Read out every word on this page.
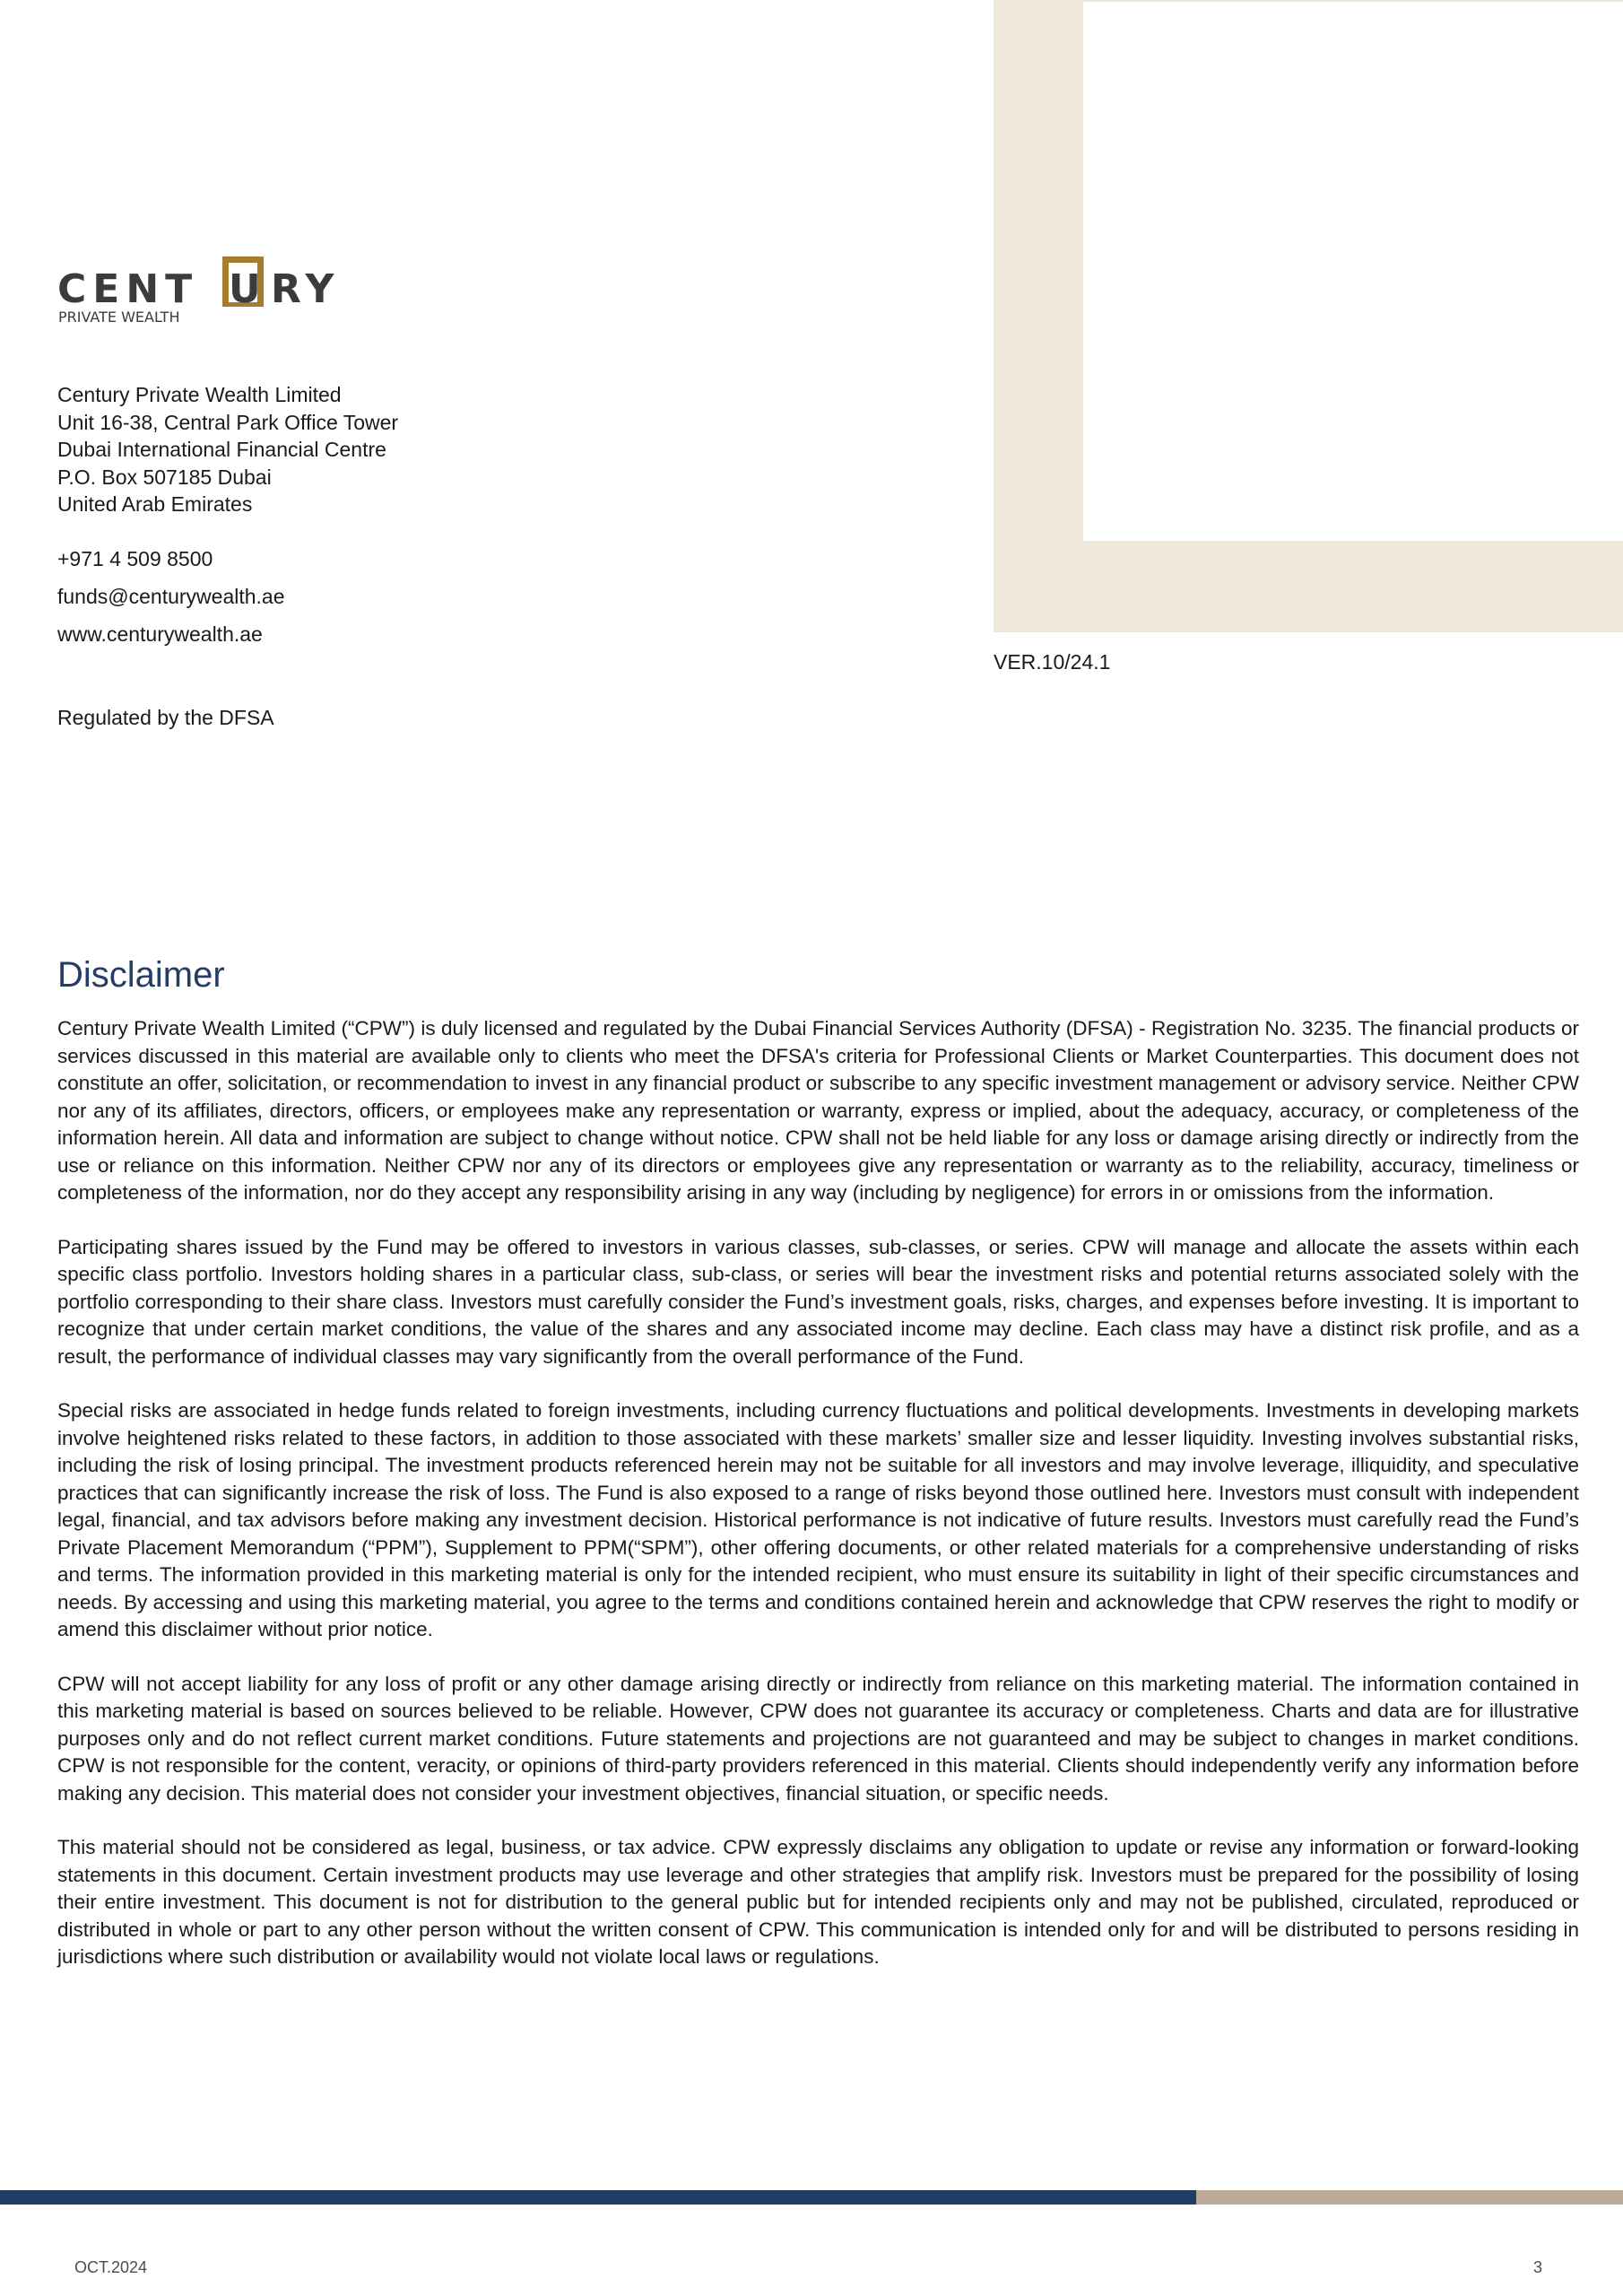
CENT U RY
PRIVATE WEALTH
Century Private Wealth Limited
Unit 16-38, Central Park Office Tower
Dubai International Financial Centre
P.O. Box 507185 Dubai
United Arab Emirates
+971 4 509 8500
funds@centurywealth.ae
www.centurywealth.ae
Regulated by the DFSA
VER.10/24.1
Disclaimer

Century Private Wealth Limited (“CPW”) is duly licensed and regulated by the Dubai Financial Services Authority (DFSA) - Registration No. 3235. The financial products or services discussed in this material are available only to clients who meet the DFSA's criteria for Professional Clients or Market Counterparties. This document does not constitute an offer, solicitation, or recommendation to invest in any financial product or subscribe to any specific investment management or advisory service. Neither CPW nor any of its affiliates, directors, officers, or employees make any representation or warranty, express or implied, about the adequacy, accuracy, or completeness of the information herein. All data and information are subject to change without notice. CPW shall not be held liable for any loss or damage arising directly or indirectly from the use or reliance on this information. Neither CPW nor any of its directors or employees give any representation or warranty as to the reliability, accuracy, timeliness or completeness of the information, nor do they accept any responsibility arising in any way (including by negligence) for errors in or omissions from the information.

Participating shares issued by the Fund may be offered to investors in various classes, sub-classes, or series. CPW will manage and allocate the assets within each specific class portfolio. Investors holding shares in a particular class, sub-class, or series will bear the investment risks and potential returns associated solely with the portfolio corresponding to their share class. Investors must carefully consider the Fund’s investment goals, risks, charges, and expenses before investing. It is important to recognize that under certain market conditions, the value of the shares and any associated income may decline. Each class may have a distinct risk profile, and as a result, the performance of individual classes may vary significantly from the overall performance of the Fund.

Special risks are associated in hedge funds related to foreign investments, including currency fluctuations and political developments. Investments in developing markets involve heightened risks related to these factors, in addition to those associated with these markets’ smaller size and lesser liquidity. Investing involves substantial risks, including the risk of losing principal. The investment products referenced herein may not be suitable for all investors and may involve leverage, illiquidity, and speculative practices that can significantly increase the risk of loss. The Fund is also exposed to a range of risks beyond those outlined here. Investors must consult with independent legal, financial, and tax advisors before making any investment decision. Historical performance is not indicative of future results. Investors must carefully read the Fund’s Private Placement Memorandum (“PPM”), Supplement to PPM(“SPM”), other offering documents, or other related materials for a comprehensive understanding of risks and terms. The information provided in this marketing material is only for the intended recipient, who must ensure its suitability in light of their specific circumstances and needs. By accessing and using this marketing material, you agree to the terms and conditions contained herein and acknowledge that CPW reserves the right to modify or amend this disclaimer without prior notice.

CPW will not accept liability for any loss of profit or any other damage arising directly or indirectly from reliance on this marketing material. The information contained in this marketing material is based on sources believed to be reliable. However, CPW does not guarantee its accuracy or completeness. Charts and data are for illustrative purposes only and do not reflect current market conditions. Future statements and projections are not guaranteed and may be subject to changes in market conditions. CPW is not responsible for the content, veracity, or opinions of third-party providers referenced in this material. Clients should independently verify any information before making any decision. This material does not consider your investment objectives, financial situation, or specific needs.

This material should not be considered as legal, business, or tax advice. CPW expressly disclaims any obligation to update or revise any information or forward-looking statements in this document. Certain investment products may use leverage and other strategies that amplify risk. Investors must be prepared for the possibility of losing their entire investment. This document is not for distribution to the general public but for intended recipients only and may not be published, circulated, reproduced or distributed in whole or part to any other person without the written consent of CPW. This communication is intended only for and will be distributed to persons residing in jurisdictions where such distribution or availability would not violate local laws or regulations.

OCT.2024	3
